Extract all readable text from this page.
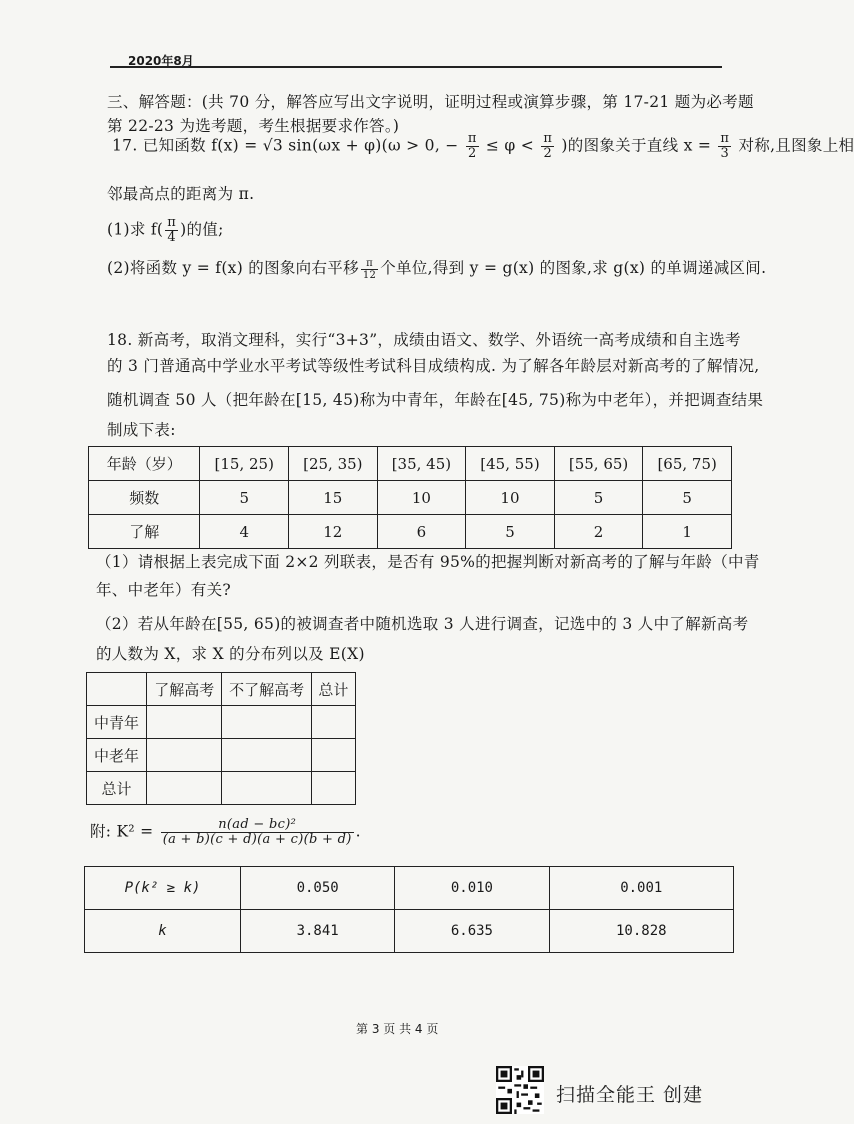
2020年8月
三、解答题：(共 70 分，解答应写出文字说明，证明过程或演算步骤，第 17-21 题为必考题
第 22-23 为选考题，考生根据要求作答。)
17. 已知函数 f(x) = √3 sin(ωx + φ)(ω > 0, − $\frac{\pi}{2} \le \varphi < \frac{\pi}{2}$ )的图象关于直线 $x = \frac{\pi}{3}$ 对称,且图象上相
邻最高点的距离为 π.
(1)求 $f( \frac{\pi}{4}$ )的值;
(2)将函数 y = f(x) 的图象向右平移 $\frac{\pi}{12}$ 个单位,得到 y = g(x) 的图象,求 g(x) 的单调递减区间.
18. 新高考，取消文理科，实行“3+3”，成绩由语文、数学、外语统一高考成绩和自主选考
的 3 门普通高中学业水平考试等级性考试科目成绩构成. 为了解各年龄层对新高考的了解情况,
随机调查 50 人（把年龄在[15, 45)称为中青年，年龄在[45, 75)称为中老年），并把调查结果
制成下表:
年龄（岁）	[15, 25)	[25, 35)	[35, 45)	[45, 55)	[55, 65)	[65, 75)
频数	5	15	10	10	5	5
了解	4	12	6	5	2	1
（1）请根据上表完成下面 2×2 列联表，是否有 95%的把握判断对新高考的了解与年龄（中青
年、中老年）有关?
（2）若从年龄在[55, 65)的被调查者中随机选取 3 人进行调查，记选中的 3 人中了解新高考
的人数为 X，求 X 的分布列以及 E(X)
	了解高考	不了解高考	总计
中青年			
中老年			
总计			
附: $K^2 = \frac{\text{n(ad − bc)²}}{(a + b)(c + d)(a + c)(b + d)}$ .
P(k² ≥ k)	0.050	0.010	0.001
k	3.841	6.635	10.828
第 3 页 共 4 页
扫描全能王 创建
